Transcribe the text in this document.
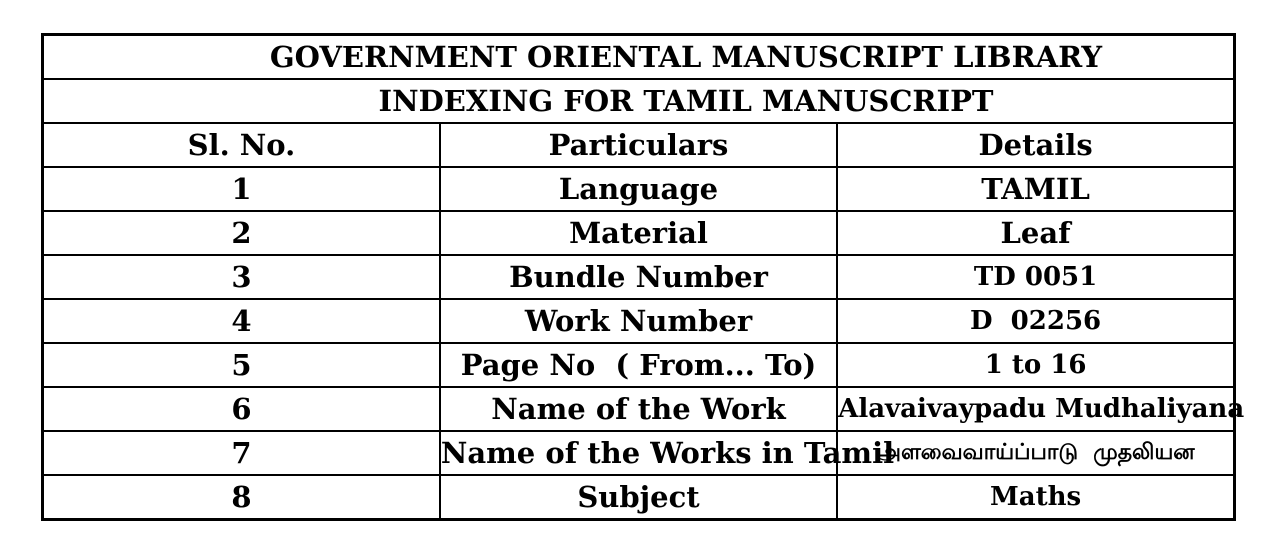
GOVERNMENT ORIENTAL MANUSCRIPT LIBRARY		
INDEXING FOR TAMIL MANUSCRIPT		
Sl. No.	Particulars	Details
1	Language	TAMIL
2	Material	Leaf
3	Bundle Number	TD 0051
4	Work Number	D  02256
5	Page No  ( From... To)	1 to 16
6	Name of the Work	Alavaivaypadu Mudhaliyana
7	Name of the Works in Tamil	அளவைவாய்ப்பாடு  முதலியன
8	Subject	Maths
